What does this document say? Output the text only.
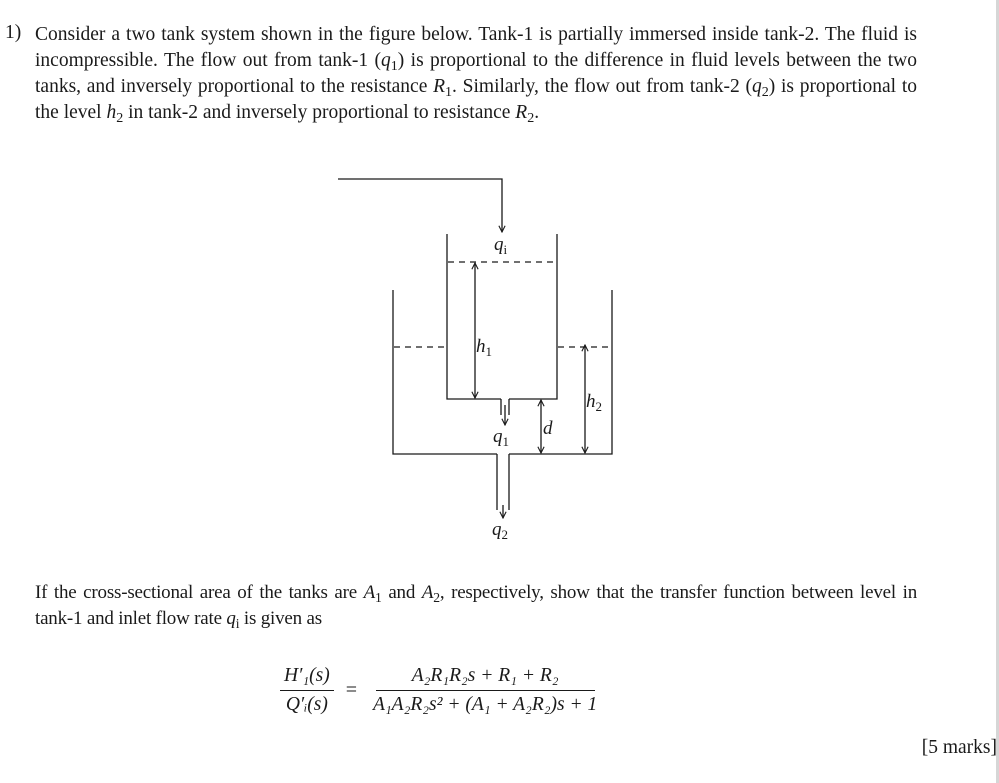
1) Consider a two tank system shown in the figure below. Tank-1 is partially immersed inside tank-2. The fluid is incompressible. The flow out from tank-1 $(q_1)$ is proportional to the difference in fluid levels between the two tanks, and inversely proportional to the resistance $R_1$. Similarly, the flow out from tank-2 $(q_2)$ is proportional to the level $h_2$ in tank-2 and inversely proportional to resistance $R_2$.
$q_i$
$h_1$
$h_2$
d
$q_1$
$q_2$
If the cross-sectional area of the tanks are $A_1$ and $A_2$, respectively, show that the transfer function between level in tank-1 and inlet flow rate $q_i$ is given as
$\frac{\text{H′₁(s)}}{\text{Q′ᵢ(s)}} = \frac{\text{A₂R₁R₂s + R₁ + R₂}}{\text{A₁A₂R₂s² + (A₁ + A₂R₂)s + 1}}$
[5 marks]
